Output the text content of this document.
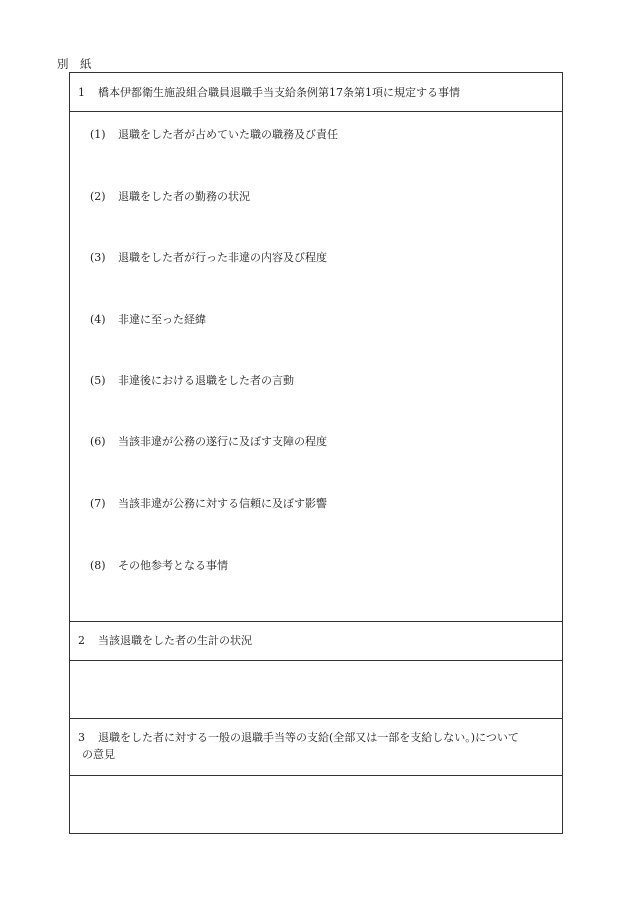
別　紙
1 橋本伊都衛生施設組合職員退職手当支給条例第17条第1項に規定する事情
(1) 退職をした者が占めていた職の職務及び責任
(2) 退職をした者の勤務の状況
(3) 退職をした者が行った非違の内容及び程度
(4) 非違に至った経緯
(5) 非違後における退職をした者の言動
(6) 当該非違が公務の遂行に及ぼす支障の程度
(7) 当該非違が公務に対する信頼に及ぼす影響
(8) その他参考となる事情
2 当該退職をした者の生計の状況
3 退職をした者に対する一般の退職手当等の支給(全部又は一部を支給しない。)について
の意見
